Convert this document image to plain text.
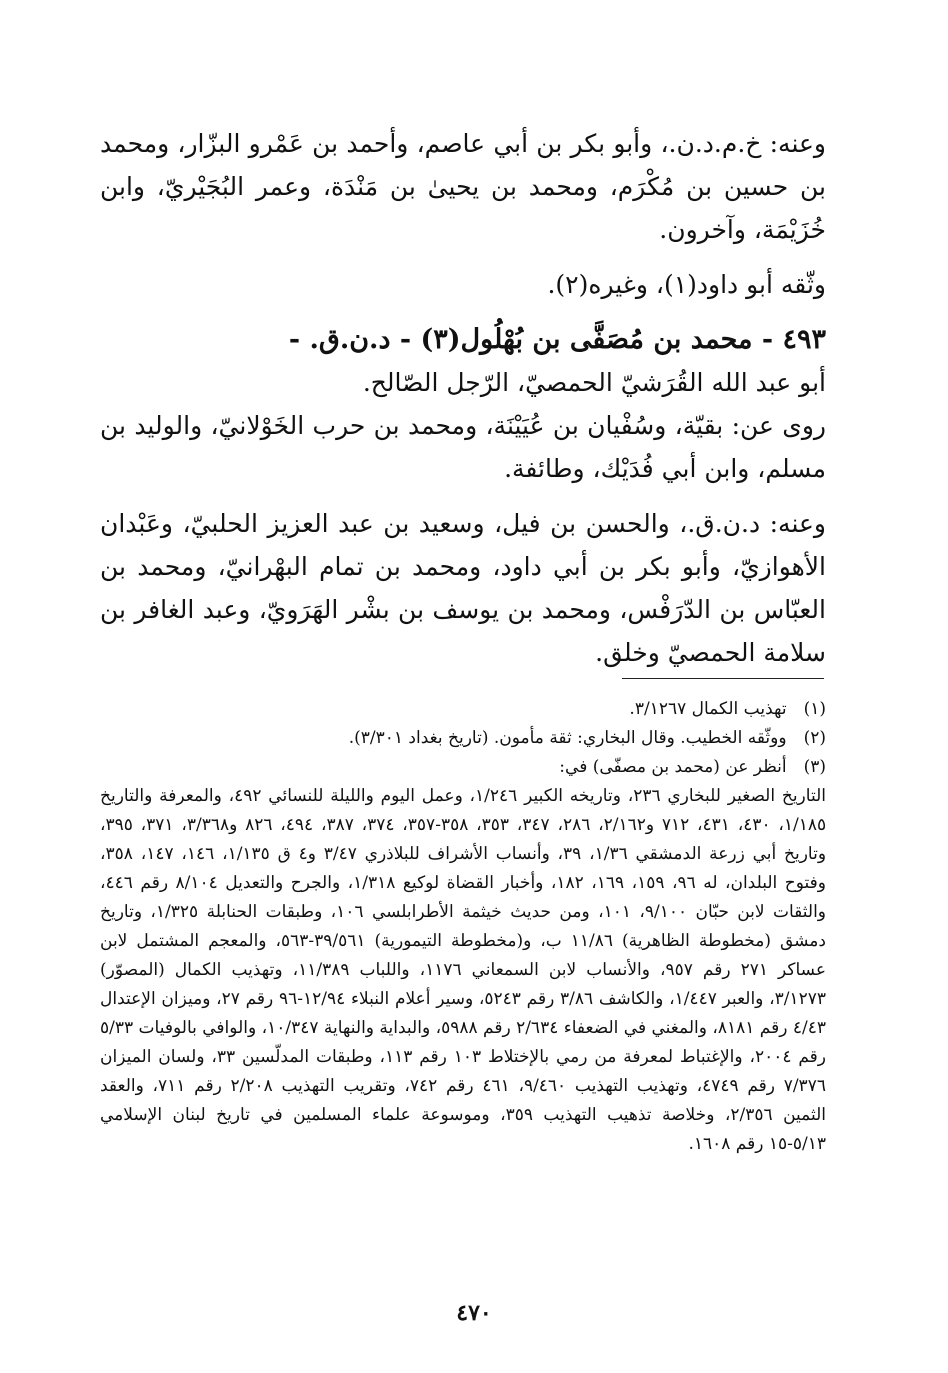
وعنه: خ.م.د.ن.، وأبو بكر بن أبي عاصم، وأحمد بن عَمْرو البزّار، ومحمد بن حسين بن مُكْرَم، ومحمد بن يحيىٰ بن مَنْدَة، وعمر البُجَيْريّ، وابن خُزَيْمَة، وآخرون.

وثّقه أبو داود(١)، وغيره(٢).

٤٩٣ - محمد بن مُصَفَّى بن بُهْلُول(٣) - د.ن.ق. -

أبو عبد الله القُرَشيّ الحمصيّ، الرّجل الصّالح.

روى عن: بقيّة، وسُفْيان بن عُيَيْنَة، ومحمد بن حرب الخَوْلانيّ، والوليد بن مسلم، وابن أبي فُدَيْك، وطائفة.

وعنه: د.ن.ق.، والحسن بن فيل، وسعيد بن عبد العزيز الحلبيّ، وعَبْدان الأهوازيّ، وأبو بكر بن أبي داود، ومحمد بن تمام البهْرانيّ، ومحمد بن العبّاس بن الدّرَفْس، ومحمد بن يوسف بن بشْر الهَرَويّ، وعبد الغافر بن سلامة الحمصيّ وخلق.

(١) تهذيب الكمال ٣/١٢٦٧.

(٢) ووثّقه الخطيب. وقال البخاري: ثقة مأمون. (تاريخ بغداد ٣/٣٠١).

(٣) أنظر عن (محمد بن مصفّى) في:

التاريخ الصغير للبخاري ٢٣٦، وتاريخه الكبير ١/٢٤٦، وعمل اليوم والليلة للنسائي ٤٩٢، والمعرفة والتاريخ ١/١٨٥، ٤٣٠، ٤٣١، ٧١٢ و٢/١٦٢، ٢٨٦، ٣٤٧، ٣٥٣، ٣٥٨-٣٥٧، ٣٧٤، ٣٨٧، ٤٩٤، ٨٢٦ و٣/٣٦٨، ٣٧١، ٣٩٥، وتاريخ أبي زرعة الدمشقي ١/٣٦، ٣٩، وأنساب الأشراف للبلاذري ٣/٤٧ و٤ ق ١/١٣٥، ١٤٦، ١٤٧، ٣٥٨، وفتوح البلدان، له ٩٦، ١٥٩، ١٦٩، ١٨٢، وأخبار القضاة لوكيع ١/٣١٨، والجرح والتعديل ٨/١٠٤ رقم ٤٤٦، والثقات لابن حبّان ٩/١٠٠، ١٠١، ومن حديث خيثمة الأطرابلسي ١٠٦، وطبقات الحنابلة ١/٣٢٥، وتاريخ دمشق (مخطوطة الظاهرية) ١١/٨٦ ب، و(مخطوطة التيمورية) ٣٩/٥٦١-٥٦٣، والمعجم المشتمل لابن عساكر ٢٧١ رقم ٩٥٧، والأنساب لابن السمعاني ١١٧٦، واللباب ١١/٣٨٩، وتهذيب الكمال (المصوّر) ٣/١٢٧٣، والعبر ١/٤٤٧، والكاشف ٣/٨٦ رقم ٥٢٤٣، وسير أعلام النبلاء ١٢/٩٤-٩٦ رقم ٢٧، وميزان الإعتدال ٤/٤٣ رقم ٨١٨١، والمغني في الضعفاء ٢/٦٣٤ رقم ٥٩٨٨، والبداية والنهاية ١٠/٣٤٧، والوافي بالوفيات ٥/٣٣ رقم ٢٠٠٤، والإغتباط لمعرفة من رمي بالإختلاط ١٠٣ رقم ١١٣، وطبقات المدلّسين ٣٣، ولسان الميزان ٧/٣٧٦ رقم ٤٧٤٩، وتهذيب التهذيب ٩/٤٦٠، ٤٦١ رقم ٧٤٢، وتقريب التهذيب ٢/٢٠٨ رقم ٧١١، والعقد الثمين ٢/٣٥٦، وخلاصة تذهيب التهذيب ٣٥٩، وموسوعة علماء المسلمين في تاريخ لبنان الإسلامي ٥/١٣-١٥ رقم ١٦٠٨.

٤٧٠
